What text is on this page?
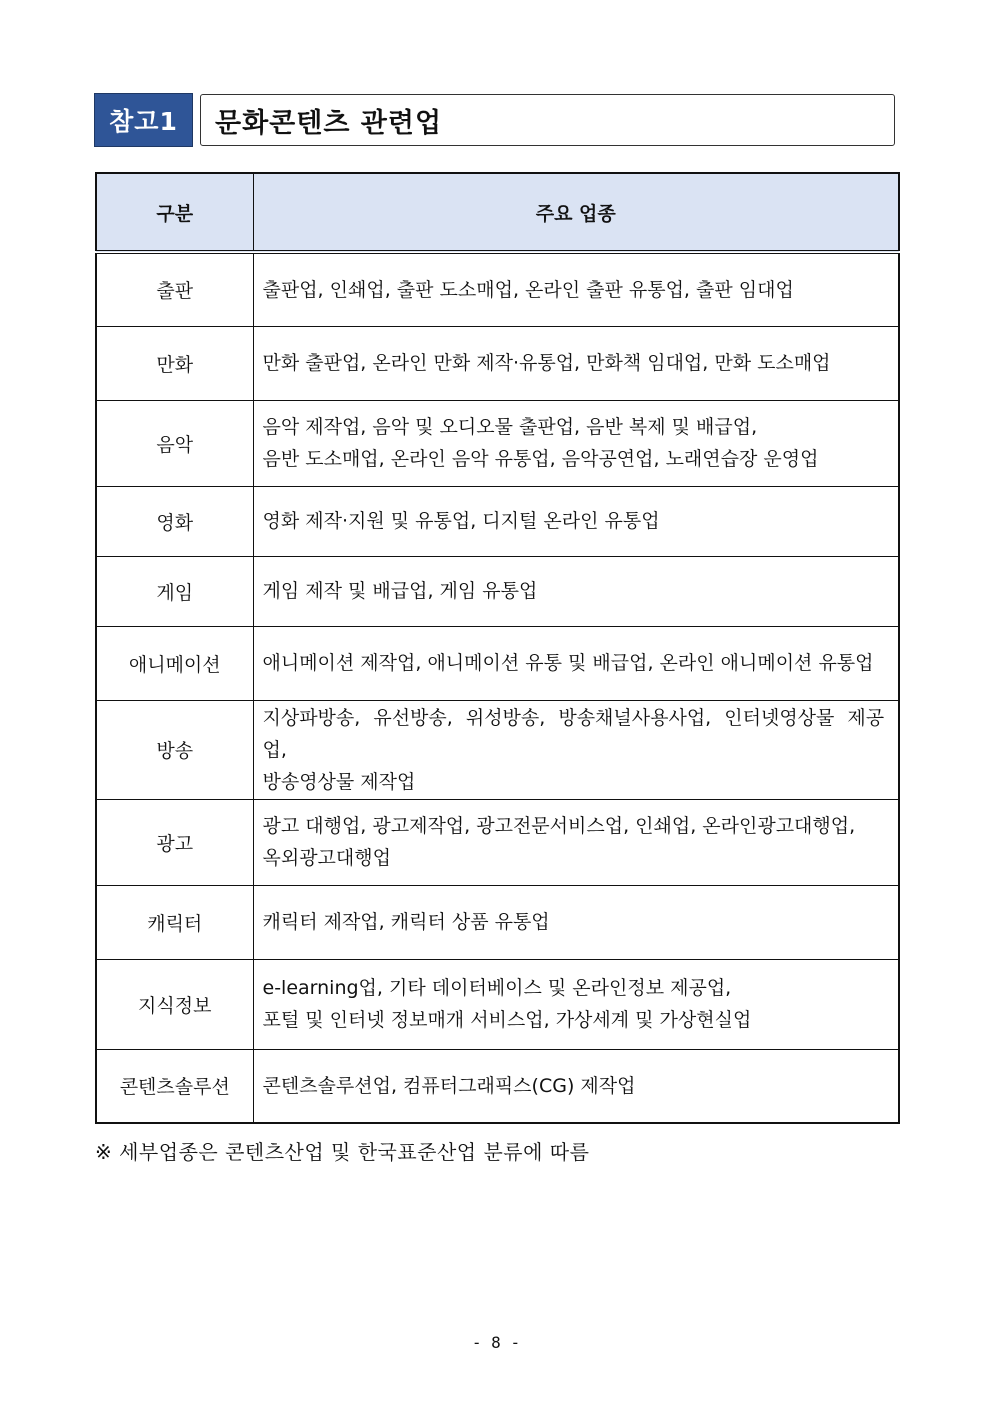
참고1	문화콘텐츠 관련업
구분	주요 업종
출판	출판업, 인쇄업, 출판 도소매업, 온라인 출판 유통업, 출판 임대업

만화	만화 출판업, 온라인 만화 제작·유통업, 만화책 임대업, 만화 도소매업

음악	음악 제작업, 음악 및 오디오물 출판업, 음반 복제 및 배급업,
음반 도소매업, 온라인 음악 유통업, 음악공연업, 노래연습장 운영업

영화	영화 제작·지원 및 유통업, 디지털 온라인 유통업

게임	게임 제작 및 배급업, 게임 유통업

애니메이션	애니메이션 제작업, 애니메이션 유통 및 배급업, 온라인 애니메이션 유통업

방송	지상파방송, 유선방송, 위성방송, 방송채널사용사업, 인터넷영상물 제공업,
방송영상물 제작업

광고	광고 대행업, 광고제작업, 광고전문서비스업, 인쇄업, 온라인광고대행업,
옥외광고대행업

캐릭터	캐릭터 제작업, 캐릭터 상품 유통업

지식정보	e-learning업, 기타 데이터베이스 및 온라인정보 제공업,
포털 및 인터넷 정보매개 서비스업, 가상세계 및 가상현실업

콘텐츠솔루션	콘텐츠솔루션업, 컴퓨터그래픽스(CG) 제작업
※ 세부업종은 콘텐츠산업 및 한국표준산업 분류에 따름
- 8 -
